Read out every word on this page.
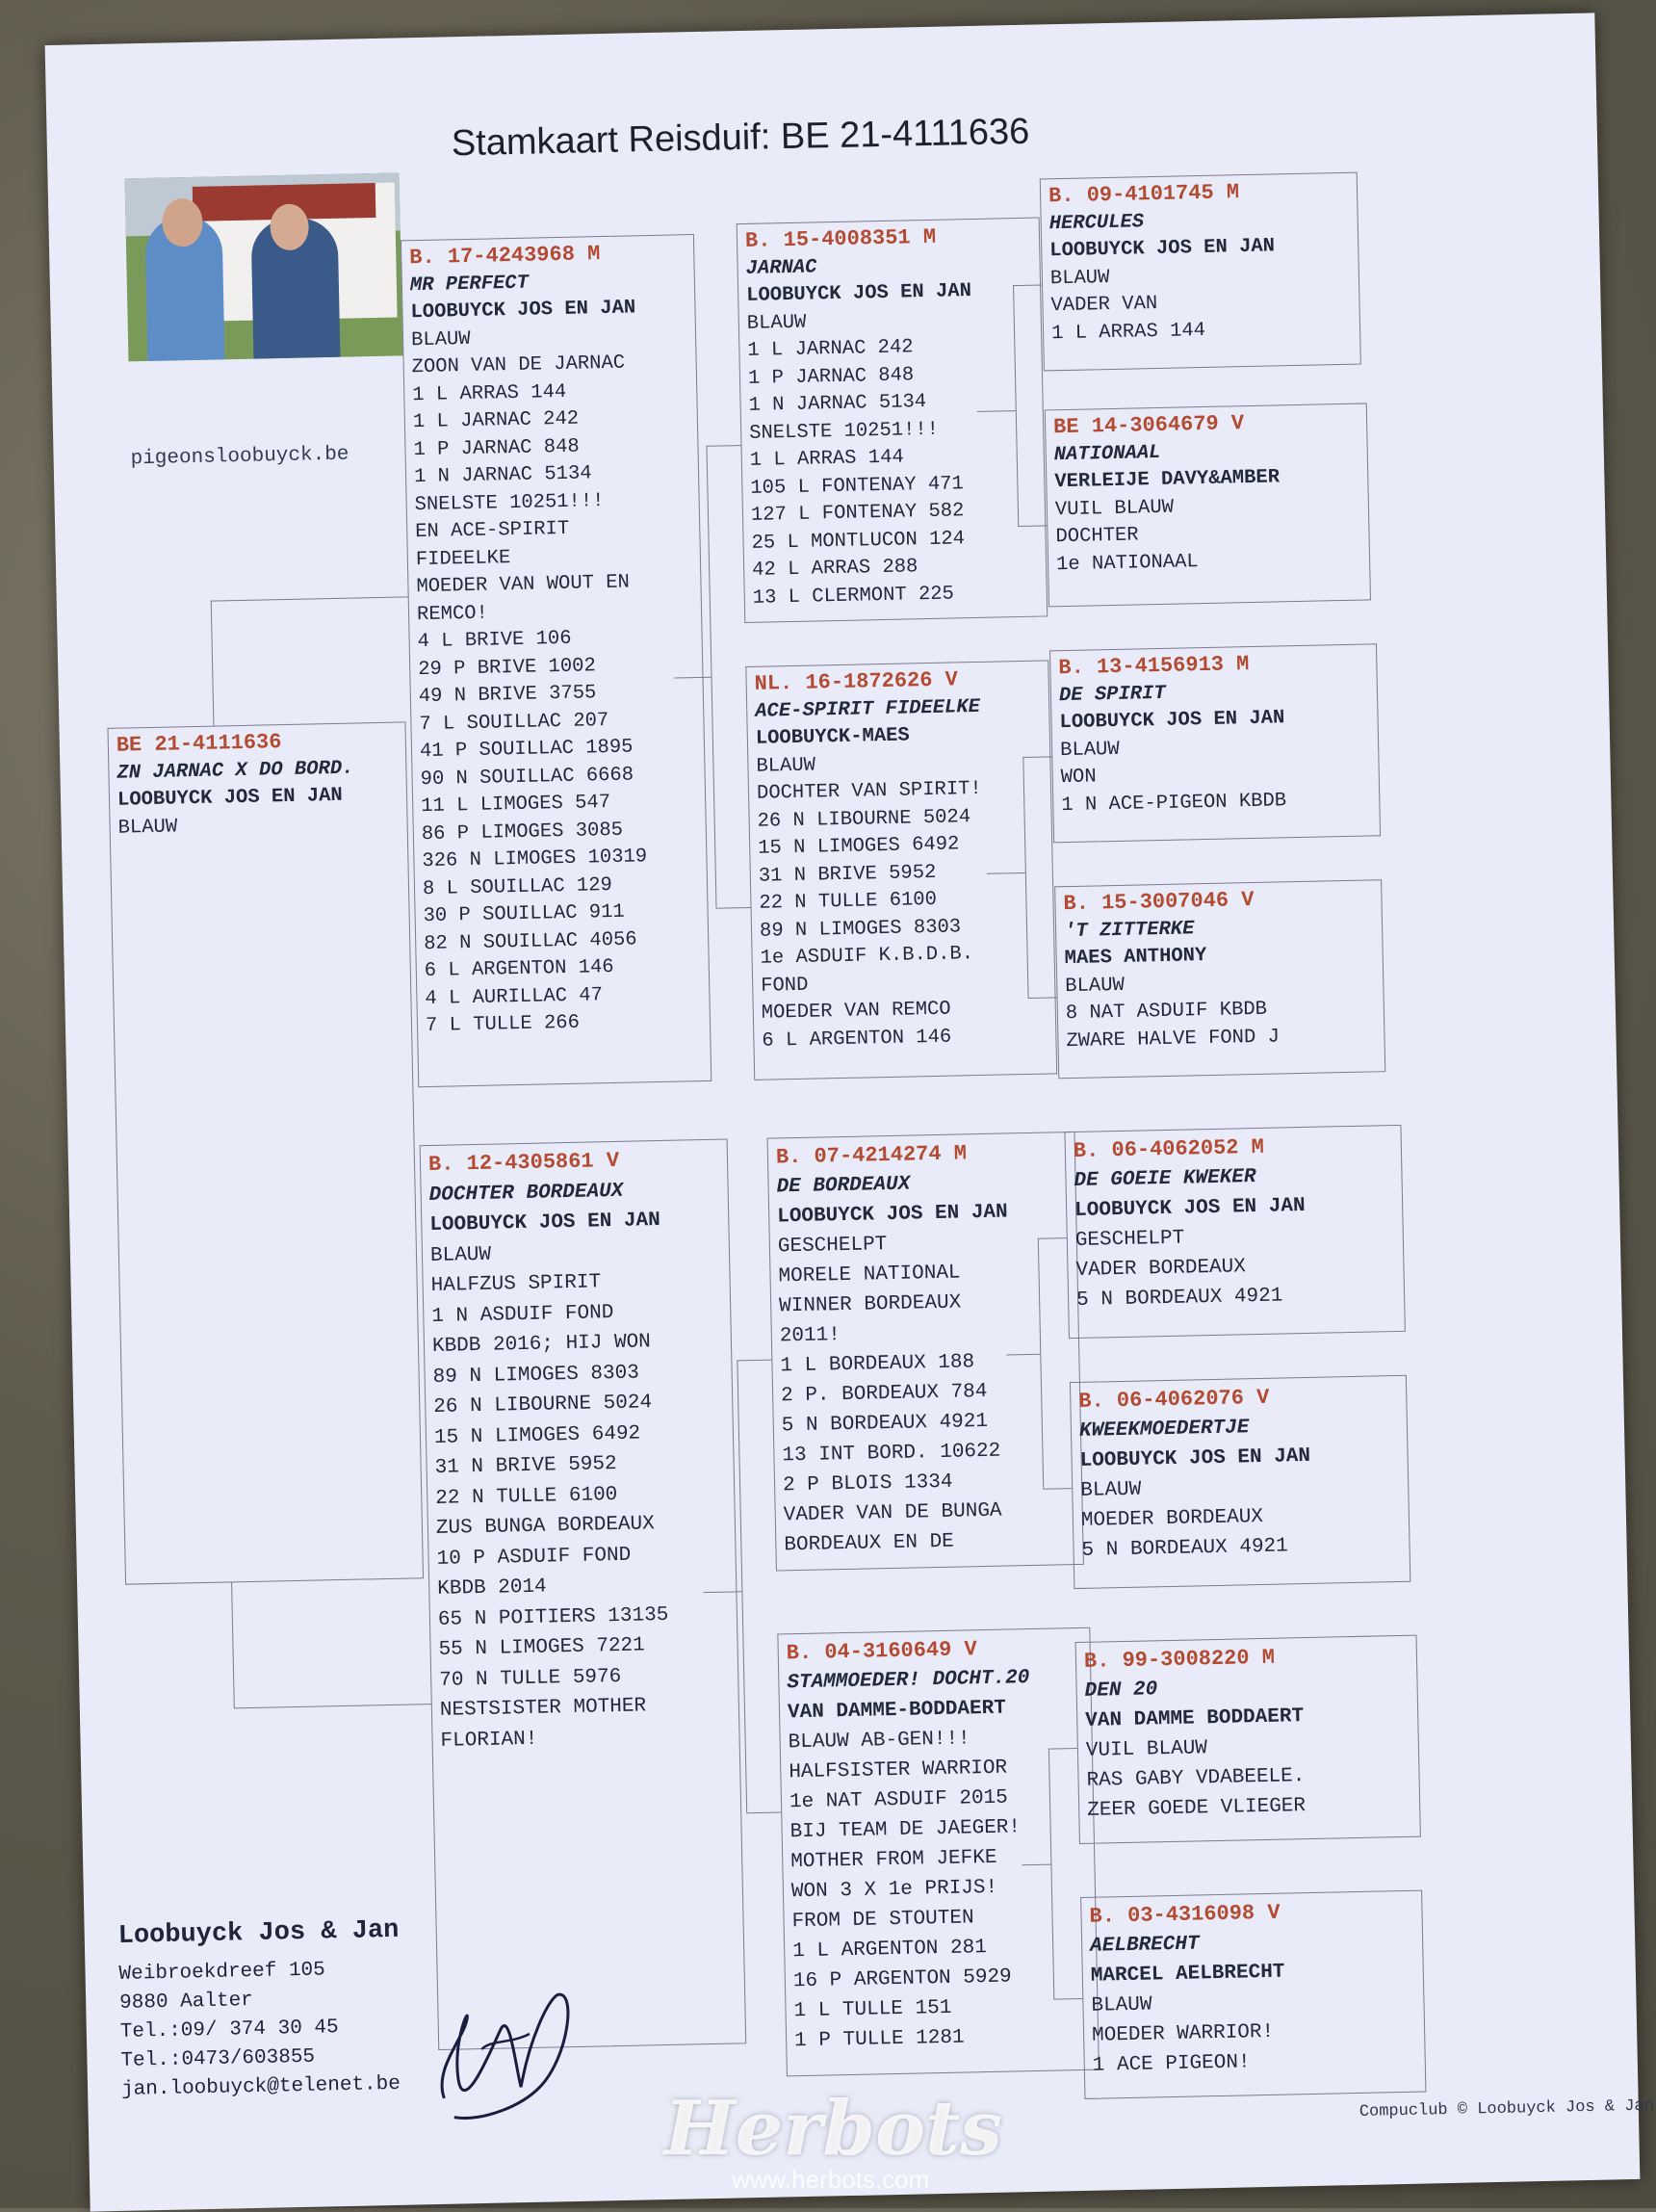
Stamkaart Reisduif: BE 21-4111636
pigeonsloobuyck.be
BE 21-4111636
ZN JARNAC X DO BORD.
LOOBUYCK JOS EN JAN
BLAUW
B. 17-4243968 M
MR PERFECT
LOOBUYCK JOS EN JAN
BLAUW
ZOON VAN DE JARNAC
1 L ARRAS 144
1 L JARNAC 242
1 P JARNAC 848
1 N JARNAC 5134
SNELSTE 10251!!!
EN ACE-SPIRIT
FIDEELKE
MOEDER VAN WOUT EN
REMCO!
4 L BRIVE 106
29 P BRIVE 1002
49 N BRIVE 3755
7 L SOUILLAC 207
41 P SOUILLAC 1895
90 N SOUILLAC 6668
11 L LIMOGES 547
86 P LIMOGES 3085
326 N LIMOGES 10319
8 L SOUILLAC 129
30 P SOUILLAC 911
82 N SOUILLAC 4056
6 L ARGENTON 146
4 L AURILLAC 47
7 L TULLE 266
B. 12-4305861 V
DOCHTER BORDEAUX
LOOBUYCK JOS EN JAN
BLAUW
HALFZUS SPIRIT
1 N ASDUIF FOND
KBDB 2016; HIJ WON
89 N LIMOGES 8303
26 N LIBOURNE 5024
15 N LIMOGES 6492
31 N BRIVE 5952
22 N TULLE 6100
ZUS BUNGA BORDEAUX
10 P ASDUIF FOND
KBDB 2014
65 N POITIERS 13135
55 N LIMOGES 7221
70 N TULLE 5976
NESTSISTER MOTHER
FLORIAN!
B. 15-4008351 M
JARNAC
LOOBUYCK JOS EN JAN
BLAUW
1 L JARNAC 242
1 P JARNAC 848
1 N JARNAC 5134
SNELSTE 10251!!!
1 L ARRAS 144
105 L FONTENAY 471
127 L FONTENAY 582
25 L MONTLUCON 124
42 L ARRAS 288
13 L CLERMONT 225
NL. 16-1872626 V
ACE-SPIRIT FIDEELKE
LOOBUYCK-MAES
BLAUW
DOCHTER VAN SPIRIT!
26 N LIBOURNE 5024
15 N LIMOGES 6492
31 N BRIVE 5952
22 N TULLE 6100
89 N LIMOGES 8303
1e ASDUIF K.B.D.B.
FOND
MOEDER VAN REMCO
6 L ARGENTON 146
B. 07-4214274 M
DE BORDEAUX
LOOBUYCK JOS EN JAN
GESCHELPT
MORELE NATIONAL
WINNER BORDEAUX
2011!
1 L BORDEAUX 188
2 P. BORDEAUX 784
5 N BORDEAUX 4921
13 INT BORD. 10622
2 P BLOIS 1334
VADER VAN DE BUNGA
BORDEAUX EN DE
B. 04-3160649 V
STAMMOEDER! DOCHT.20
VAN DAMME-BODDAERT
BLAUW AB-GEN!!!
HALFSISTER WARRIOR
1e NAT ASDUIF 2015
BIJ TEAM DE JAEGER!
MOTHER FROM JEFKE
WON 3 X 1e PRIJS!
FROM DE STOUTEN
1 L ARGENTON 281
16 P ARGENTON 5929
1 L TULLE 151
1 P TULLE 1281
B. 09-4101745 M
HERCULES
LOOBUYCK JOS EN JAN
BLAUW
VADER VAN
1 L ARRAS 144
BE 14-3064679 V
NATIONAAL
VERLEIJE DAVY&AMBER
VUIL BLAUW
DOCHTER
1e NATIONAAL
B. 13-4156913 M
DE SPIRIT
LOOBUYCK JOS EN JAN
BLAUW
WON
1 N ACE-PIGEON KBDB
B. 15-3007046 V
'T ZITTERKE
MAES ANTHONY
BLAUW
8 NAT ASDUIF KBDB
ZWARE HALVE FOND J
B. 06-4062052 M
DE GOEIE KWEKER
LOOBUYCK JOS EN JAN
GESCHELPT
VADER BORDEAUX
5 N BORDEAUX 4921
B. 06-4062076 V
KWEEKMOEDERTJE
LOOBUYCK JOS EN JAN
BLAUW
MOEDER BORDEAUX
5 N BORDEAUX 4921
B. 99-3008220 M
DEN 20
VAN DAMME BODDAERT
VUIL BLAUW
RAS GABY VDABEELE.
ZEER GOEDE VLIEGER
B. 03-4316098 V
AELBRECHT
MARCEL AELBRECHT
BLAUW
MOEDER WARRIOR!
1 ACE PIGEON!
Loobuyck Jos & Jan
Weibroekdreef 105
9880 Aalter
Tel.:09/ 374 30 45
Tel.:0473/603855
jan.loobuyck@telenet.be
Compuclub © Loobuyck Jos & Jan
Herbots
www.herbots.com
